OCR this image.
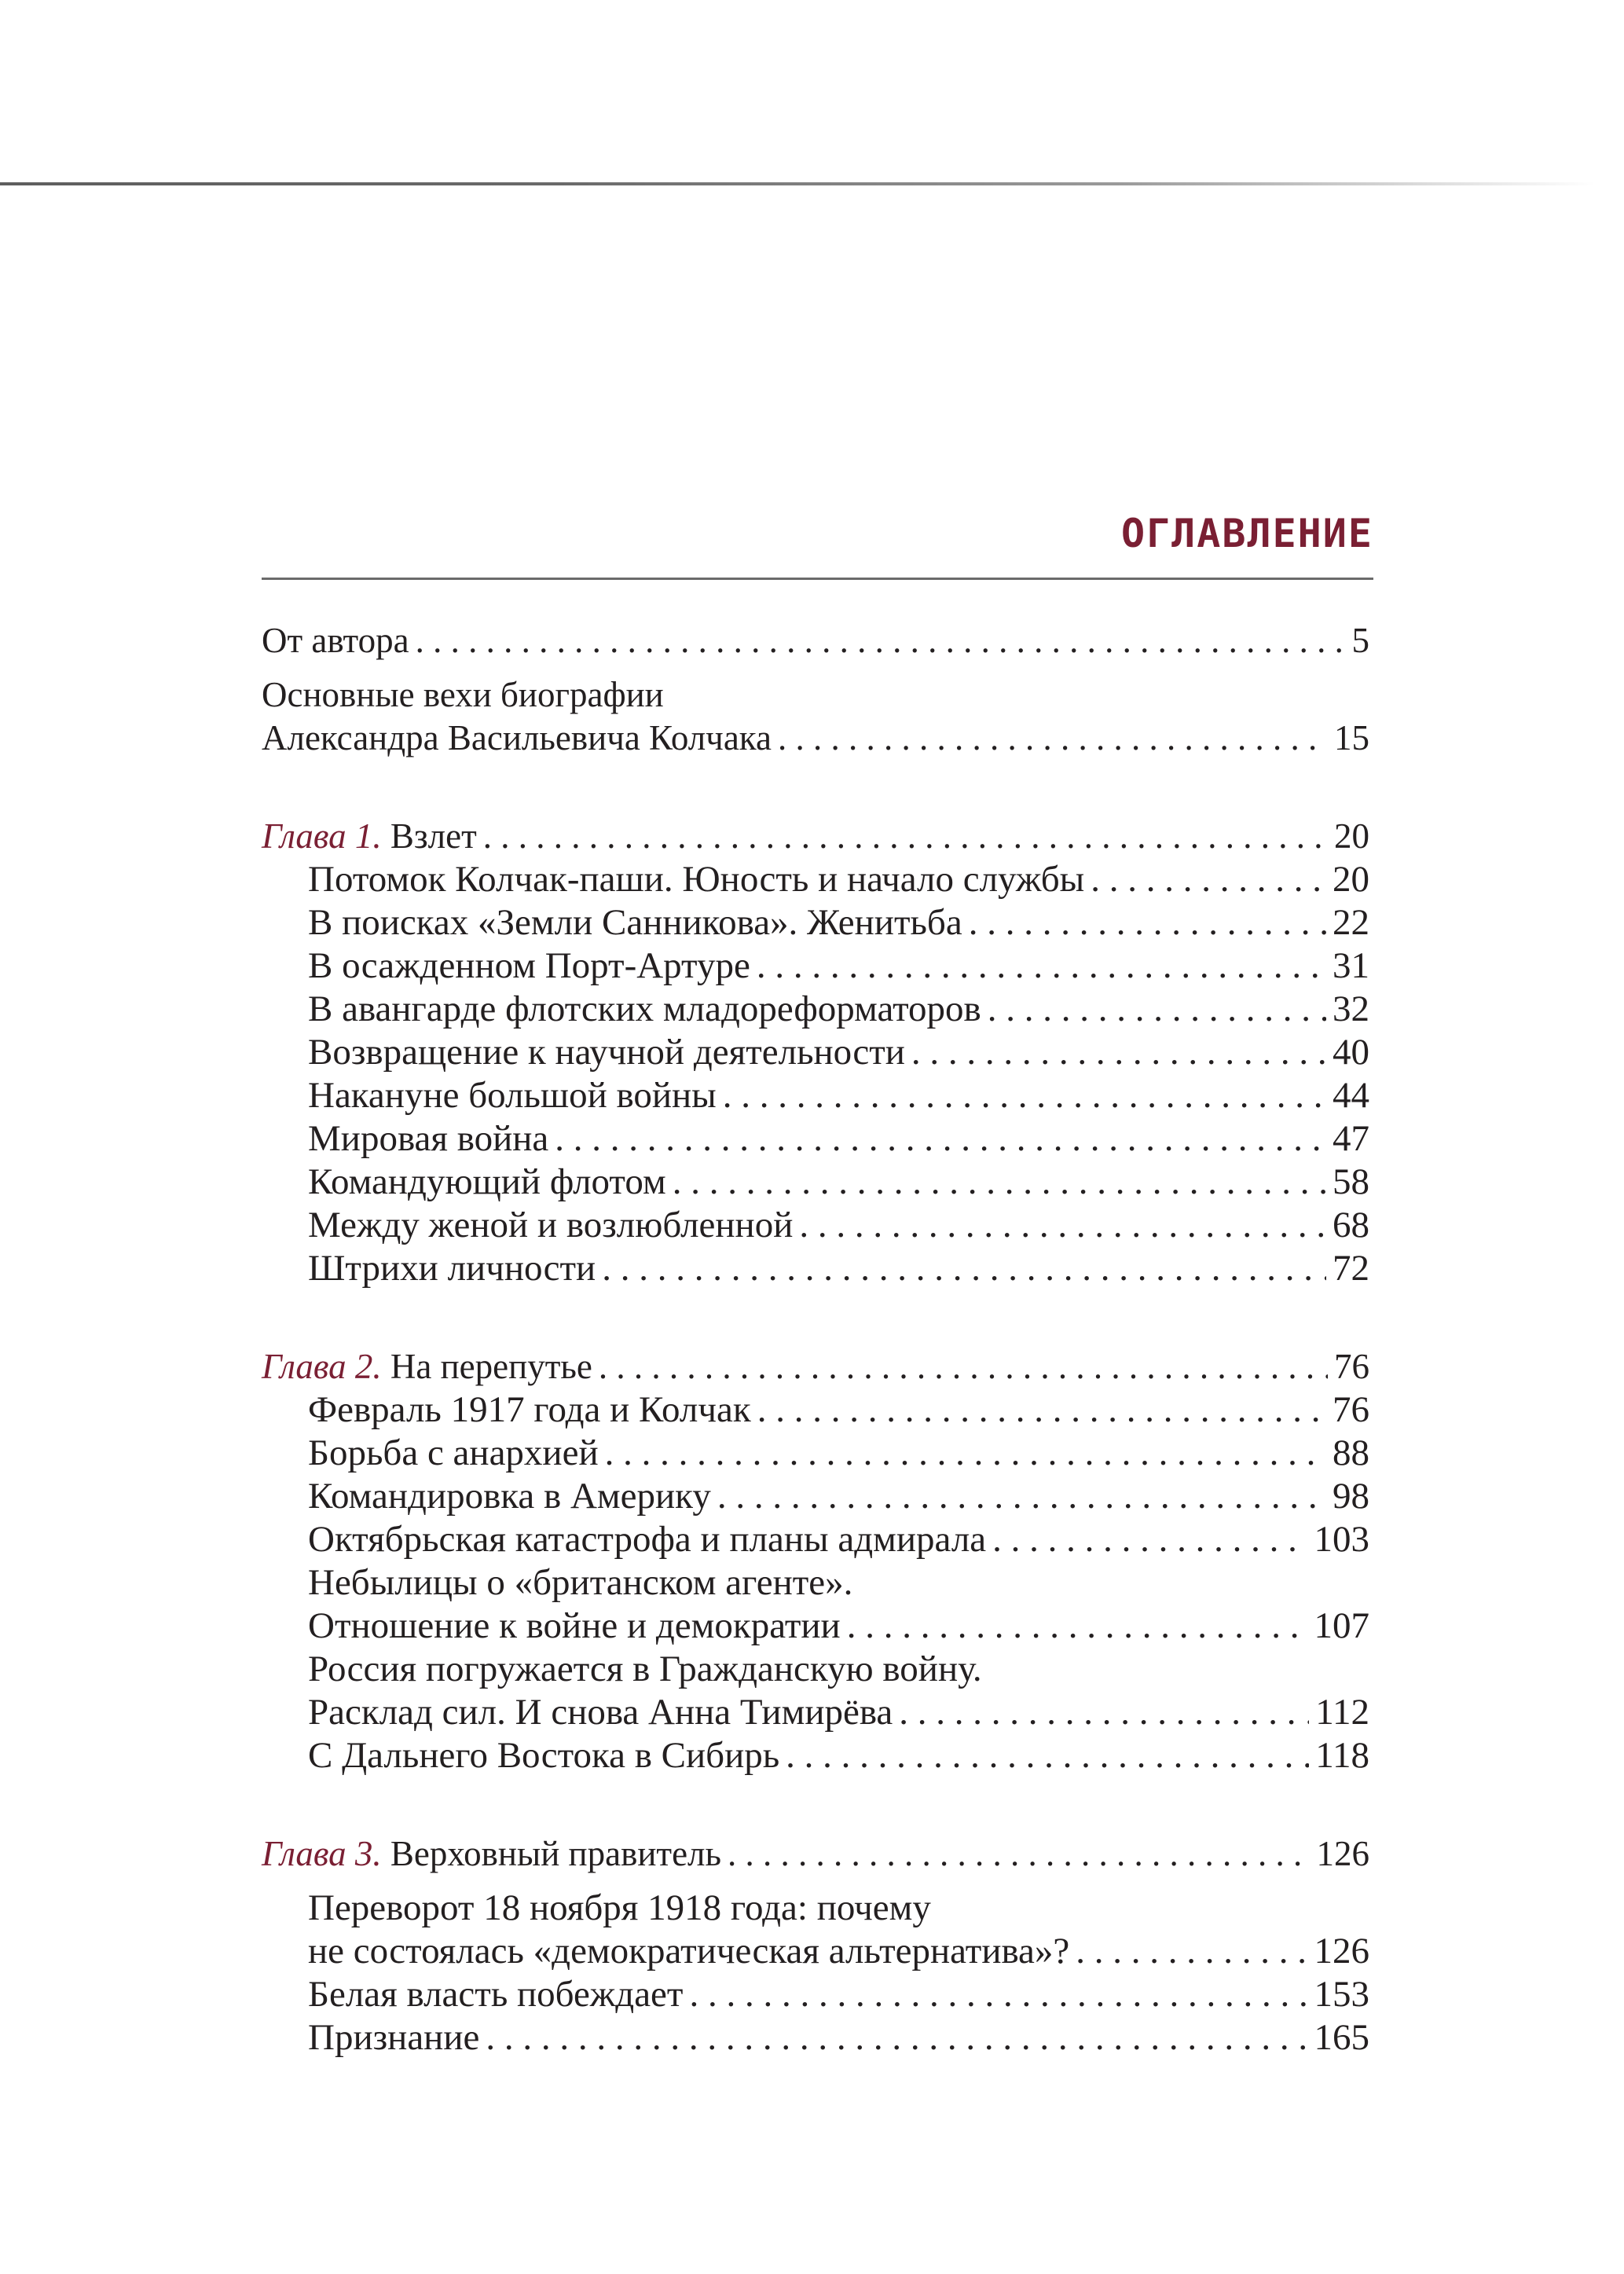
ОГЛАВЛЕНИЕ
От автора . . .	5
Основные вехи биографии
Александра Васильевича Колчака . . .	15
Глава 1. Взлет . . .	20
Потомок Колчак-паши. Юность и начало службы . . .	20
В поисках «Земли Санникова». Женитьба . . .	22
В осажденном Порт-Артуре . . .	31
В авангарде флотских младореформаторов . . .	32
Возвращение к научной деятельности . . .	40
Накануне большой войны . . .	44
Мировая война . . .	47
Командующий флотом . . .	58
Между женой и возлюбленной . . .	68
Штрихи личности . . .	72
Глава 2. На перепутье . . .	76
Февраль 1917 года и Колчак . . .	76
Борьба с анархией . . .	88
Командировка в Америку . . .	98
Октябрьская катастрофа и планы адмирала . . .	103
Небылицы о «британском агенте».
Отношение к войне и демократии . . .	107
Россия погружается в Гражданскую войну.
Расклад сил. И снова Анна Тимирёва . . .	112
С Дальнего Востока в Сибирь . . .	118
Глава 3. Верховный правитель . . .	126
Переворот 18 ноября 1918 года: почему
не состоялась «демократическая альтернатива»? . . .	126
Белая власть побеждает . . .	153
Признание . . .	165
